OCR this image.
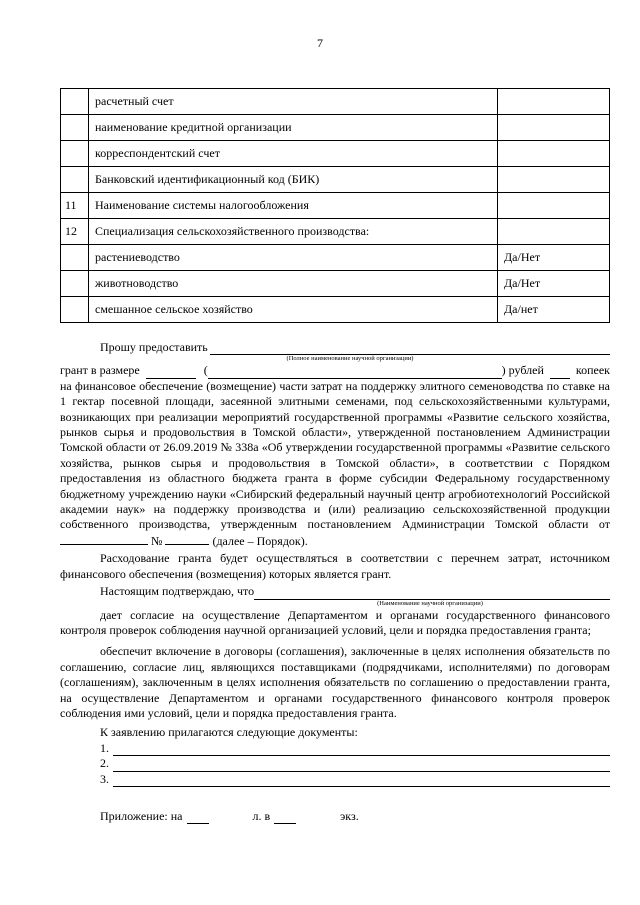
7
	расчетный счет	
	наименование кредитной организации	
	корреспондентский счет	
	Банковский идентификационный код (БИК)	
11	Наименование системы налогообложения	
12	Специализация сельскохозяйственного производства:	
	растениеводство	Да/Нет
	животноводство	Да/Нет
	смешанное сельское хозяйство	Да/нет
Прошу предоставить
(Полное наименование научной организации)
грант в размере	(	) рублей	копеек
на финансовое обеспечение (возмещение) части затрат на поддержку элитного семеноводства по ставке на 1 гектар посевной площади, засеянной элитными семенами, под сельскохозяйственными культурами, возникающих при реализации мероприятий государственной программы «Развитие сельского хозяйства, рынков сырья и продовольствия в Томской области», утвержденной постановлением Администрации Томской области от 26.09.2019 № 338а «Об утверждении государственной программы «Развитие сельского хозяйства, рынков сырья и продовольствия в Томской области», в соответствии с Порядком предоставления из областного бюджета гранта в форме субсидии Федеральному государственному бюджетному учреждению науки «Сибирский федеральный научный центр агробиотехнологий Российской академии наук» на поддержку производства и (или) реализацию сельскохозяйственной продукции собственного производства, утвержденным постановлением Администрации Томской области от  №	(далее – Порядок).
Расходование гранта будет осуществляться в соответствии с перечнем затрат, источником финансового обеспечения (возмещения) которых является грант.
Настоящим подтверждаю, что
(Наименование научной организации)
дает согласие на осуществление Департаментом и органами государственного финансового контроля проверок соблюдения научной организацией условий, цели и порядка предоставления гранта;
обеспечит включение в договоры (соглашения), заключенные в целях исполнения обязательств по соглашению, согласие лиц, являющихся поставщиками (подрядчиками, исполнителями) по договорам (соглашениям), заключенным в целях исполнения обязательств по соглашению о предоставлении гранта, на осуществление Департаментом и органами государственного финансового контроля проверок соблюдения ими условий, цели и порядка предоставления гранта.
К заявлению прилагаются следующие документы:
1.
2.
3.
Приложение: на	л. в	экз.
